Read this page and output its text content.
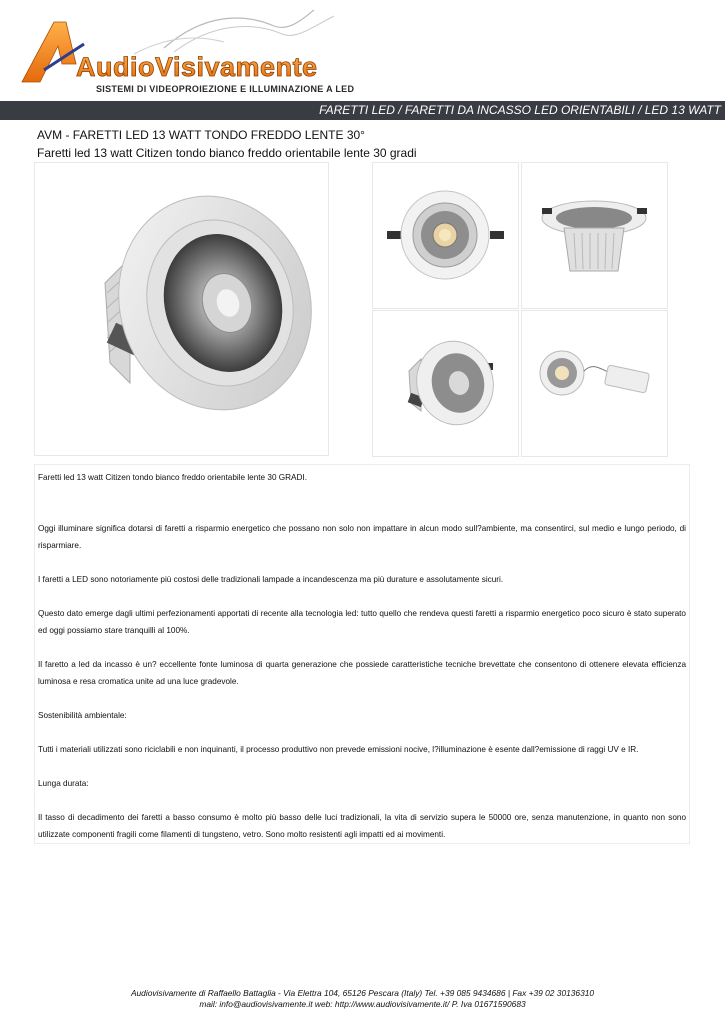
AudioVisivamente
SISTEMI DI VIDEOPROIEZIONE E ILLUMINAZIONE A LED
FARETTI LED / FARETTI DA INCASSO LED ORIENTABILI / LED 13 WATT
AVM - FARETTI LED 13 WATT TONDO FREDDO LENTE 30°
Faretti led 13 watt Citizen tondo bianco freddo orientabile lente 30 gradi

Faretti led 13 watt Citizen tondo bianco freddo orientabile lente 30 GRADI.

Oggi illuminare significa dotarsi di faretti a risparmio energetico che possano non solo non impattare in alcun modo sull?ambiente, ma consentirci, sul medio e lungo periodo, di risparmiare.

I faretti a LED sono notoriamente più costosi delle tradizionali lampade a incandescenza ma più durature e assolutamente sicuri.

Questo dato emerge dagli ultimi perfezionamenti apportati di recente alla tecnologia led: tutto quello che rendeva questi faretti a risparmio energetico poco sicuro è stato superato ed oggi possiamo stare tranquilli al 100%.

Il faretto a led da incasso è un? eccellente fonte luminosa di quarta generazione che possiede caratteristiche tecniche brevettate che consentono di ottenere elevata efficienza luminosa e resa cromatica unite ad una luce gradevole.

Sostenibilità ambientale:

Tutti i materiali utilizzati sono riciclabili e non inquinanti, il processo produttivo non prevede emissioni nocive, l?illuminazione è esente dall?emissione di raggi UV e IR.

Lunga durata:

Il tasso di decadimento dei faretti a basso consumo è molto più basso delle luci tradizionali, la vita di servizio supera le 50000 ore, senza manutenzione, in quanto non sono utilizzate componenti fragili come filamenti di tungsteno, vetro. Sono molto resistenti agli impatti ed ai movimenti.

Audiovisivamente di Raffaello Battaglia - Via Elettra 104, 65126 Pescara (Italy) Tel. +39 085 9434686 | Fax +39 02 30136310
mail: info@audiovisivamente.it web: http://www.audiovisivamente.it/ P. Iva 01671590683
